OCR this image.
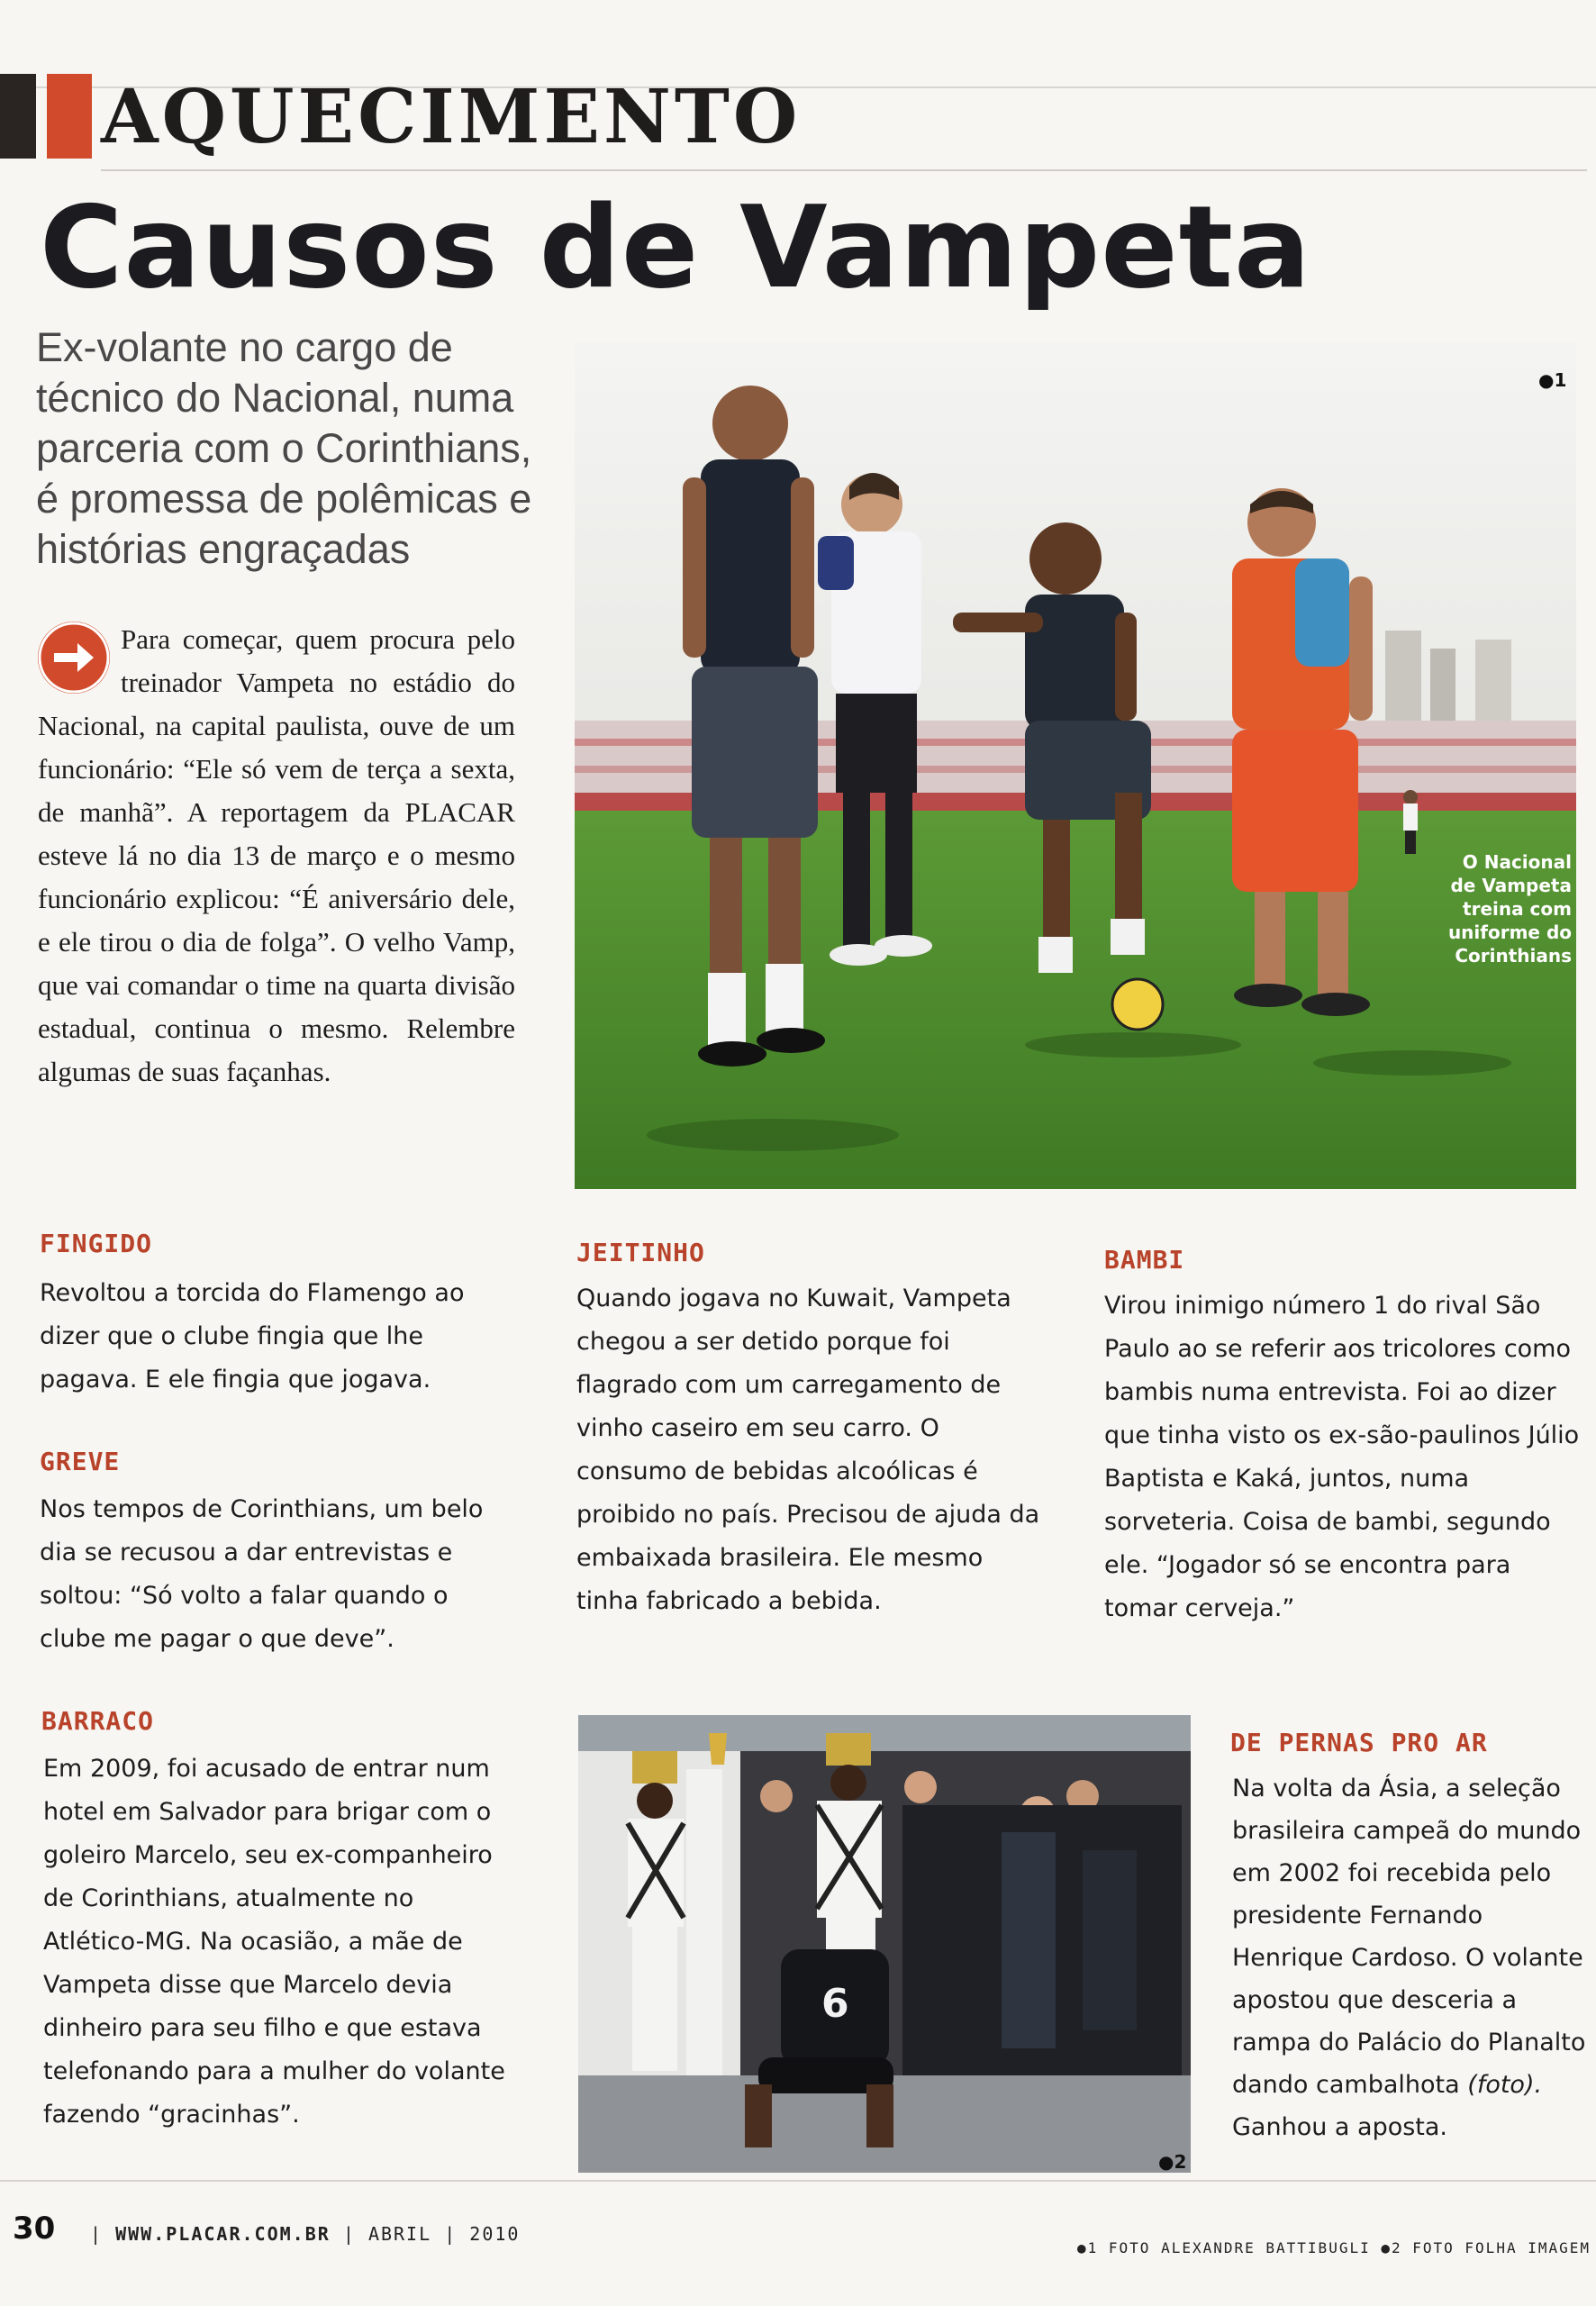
AQUECIMENTO
Causos de Vampeta
Ex-volante no cargo de técnico do Nacional, numa parceria com o Corinthians, é promessa de polêmicas e histórias engraçadas
Para começar, quem procura pelo treinador Vampeta no estádio do Nacional, na capital paulista, ouve de um funcionário: “Ele só vem de terça a sexta, de manhã”. A reportagem da PLACAR esteve lá no dia 13 de março e o mesmo funcionário explicou: “É aniversário dele, e ele tirou o dia de folga”. O velho Vamp, que vai comandar o time na quarta divisão estadual, continua o mesmo. Relembre algumas de suas façanhas.
●1
O Nacional de Vampeta treina com uniforme do Corinthians
FINGIDO
Revoltou a torcida do Flamengo ao dizer que o clube fingia que lhe pagava. E ele fingia que jogava.
GREVE
Nos tempos de Corinthians, um belo dia se recusou a dar entrevistas e soltou: “Só volto a falar quando o clube me pagar o que deve”.
BARRACO
Em 2009, foi acusado de entrar num hotel em Salvador para brigar com o goleiro Marcelo, seu ex-companheiro de Corinthians, atualmente no Atlético-MG. Na ocasião, a mãe de Vampeta disse que Marcelo devia dinheiro para seu filho e que estava telefonando para a mulher do volante fazendo “gracinhas”.
JEITINHO
Quando jogava no Kuwait, Vampeta chegou a ser detido porque foi flagrado com um carregamento de vinho caseiro em seu carro. O consumo de bebidas alcoólicas é proibido no país. Precisou de ajuda da embaixada brasileira. Ele mesmo tinha fabricado a bebida.
BAMBI
Virou inimigo número 1 do rival São Paulo ao se referir aos tricolores como bambis numa entrevista. Foi ao dizer que tinha visto os ex-são-paulinos Júlio Baptista e Kaká, juntos, numa sorveteria. Coisa de bambi, segundo ele. “Jogador só se encontra para tomar cerveja.”
6
●2
DE PERNAS PRO AR
Na volta da Ásia, a seleção brasileira campeã do mundo em 2002 foi recebida pelo presidente Fernando Henrique Cardoso. O volante apostou que desceria a rampa do Palácio do Planalto dando cambalhota (foto). Ganhou a aposta.
30 | WWW.PLACAR.COM.BR | ABRIL | 2010
●1 FOTO ALEXANDRE BATTIBUGLI ●2 FOTO FOLHA IMAGEM
